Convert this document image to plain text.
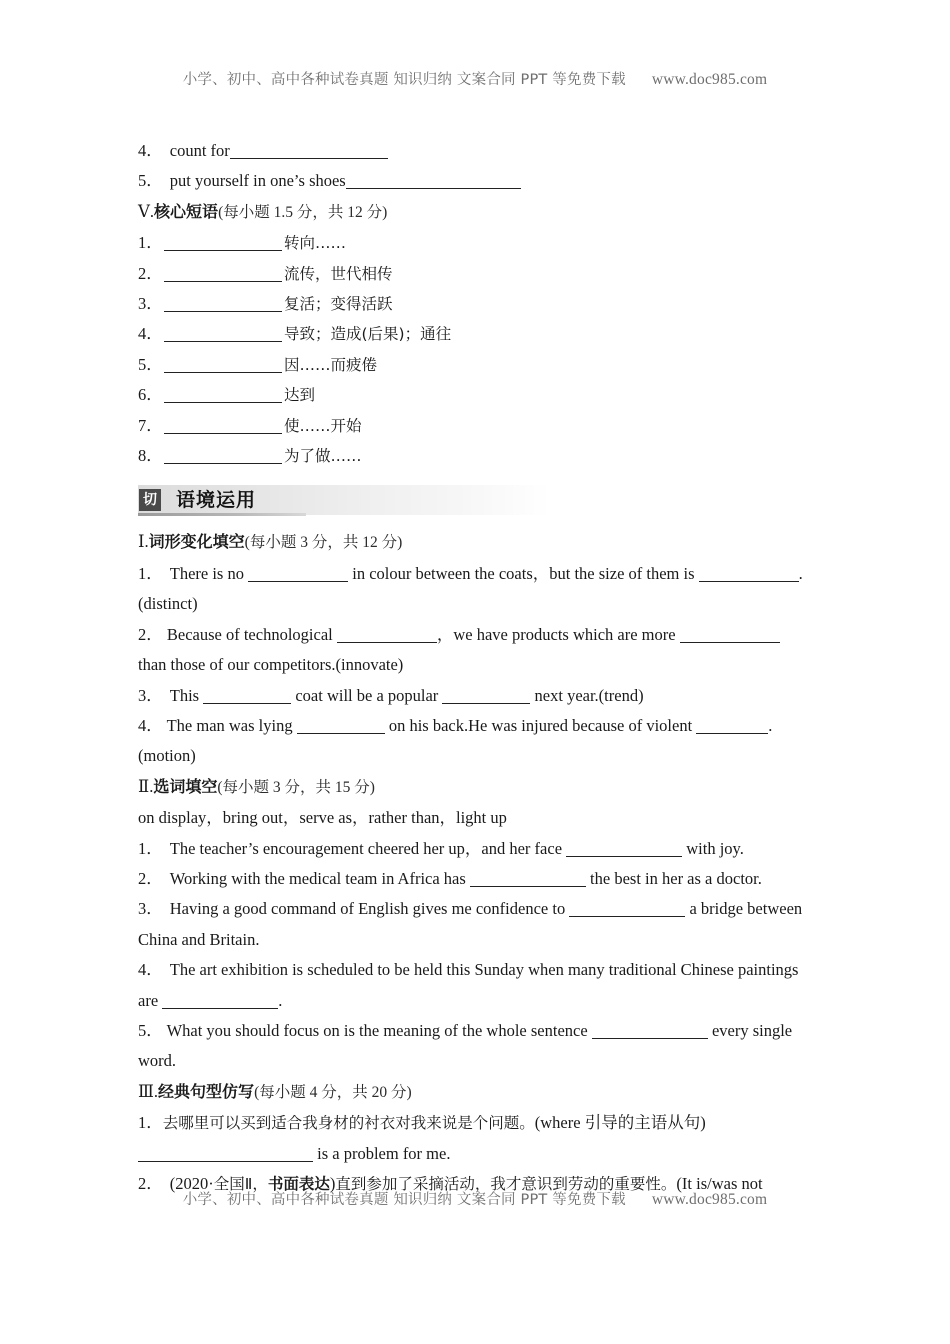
小学、初中、高中各种试卷真题 知识归纳 文案合同 PPT 等免费下载 www.doc985.com
4． count for
5． put yourself in one’s shoes
Ⅴ.核心短语(每小题 1.5 分，共 12 分)
1．	转向……
2．	流传，世代相传
3．	复活；变得活跃
4．	导致；造成(后果)；通往
5．	因……而疲倦
6．	达到
7．	使……开始
8．	为了做……
切 语境运用
Ⅰ.词形变化填空(每小题 3 分，共 12 分)
1． There is no	in colour between the coats，but the size of them is	.
(distinct)
2． Because of technological	，we have products which are more
than those of our competitors.(innovate)
3． This	coat will be a popular	next year.(trend)
4． The man was lying	on his back.He was injured because of violent	.
(motion)
Ⅱ.选词填空(每小题 3 分，共 15 分)
on display，bring out，serve as，rather than，light up
1． The teacher’s encouragement cheered her up，and her face	with joy.
2． Working with the medical team in Africa has	the best in her as a doctor.
3． Having a good command of English gives me confidence to	a bridge between
China and Britain.
4． The art exhibition is scheduled to be held this Sunday when many traditional Chinese paintings
are	.
5． What you should focus on is the meaning of the whole sentence	every single
word.
Ⅲ.经典句型仿写(每小题 4 分，共 20 分)
1．去哪里可以买到适合我身材的衬衣对我来说是个问题。(where 引导的主语从句)
is a problem for me.
2． (2020·全国Ⅱ，书面表达)直到参加了采摘活动，我才意识到劳动的重要性。(It is/was not
小学、初中、高中各种试卷真题 知识归纳 文案合同 PPT 等免费下载 www.doc985.com
